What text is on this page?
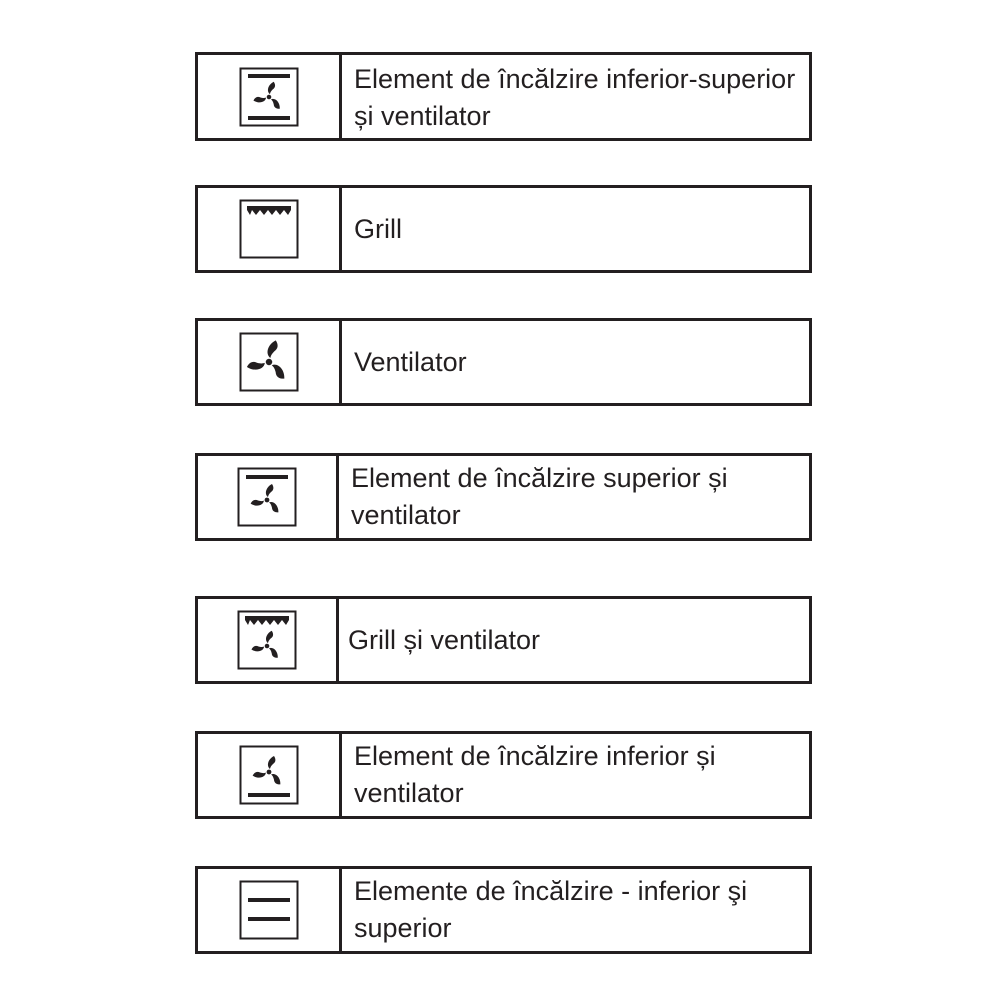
Element de încălzire inferior-superior și ventilator
Grill
Ventilator
Element de încălzire superior și ventilator
Grill și ventilator
Element de încălzire inferior și ventilator
Elemente de încălzire - inferior şi superior
